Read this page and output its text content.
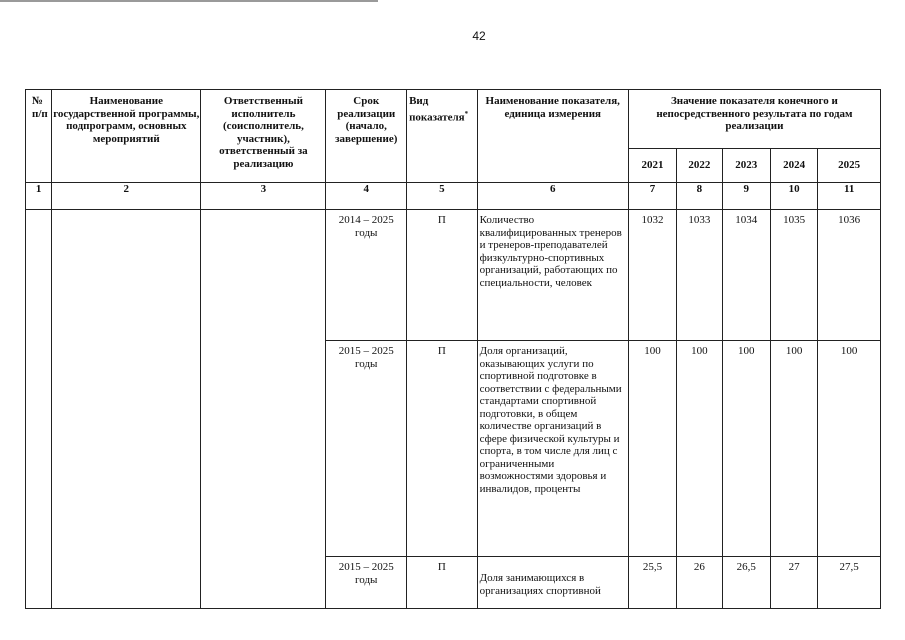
42
№ п/п	Наименование государственной программы, подпрограмм, основных мероприятий	Ответственный исполнитель (соисполнитель, участник), ответственный за реализацию	Срок реализации (начало, завершение)	Вид показателя*	Наименование показателя, единица измерения	Значение показателя конечного и непосредственного результата по годам реализации				
						2021	2022	2023	2024	2025
1	2	3	4	5	6	7	8	9	10	11
			2014 – 2025 годы	П	Количество квалифицированных тренеров и тренеров-преподавателей физкультурно-спортивных организаций, работающих по специальности, человек	1032	1033	1034	1035	1036
			2015 – 2025 годы	П	Доля организаций, оказывающих услуги по спортивной подготовке в соответствии с федеральными стандартами спортивной подготовки, в общем количестве организаций в сфере физической культуры и спорта, в том числе для лиц с ограниченными возможностями здоровья и инвалидов, проценты	100	100	100	100	100
			2015 – 2025 годы	П	Доля занимающихся в организациях спортивной	25,5	26	26,5	27	27,5
